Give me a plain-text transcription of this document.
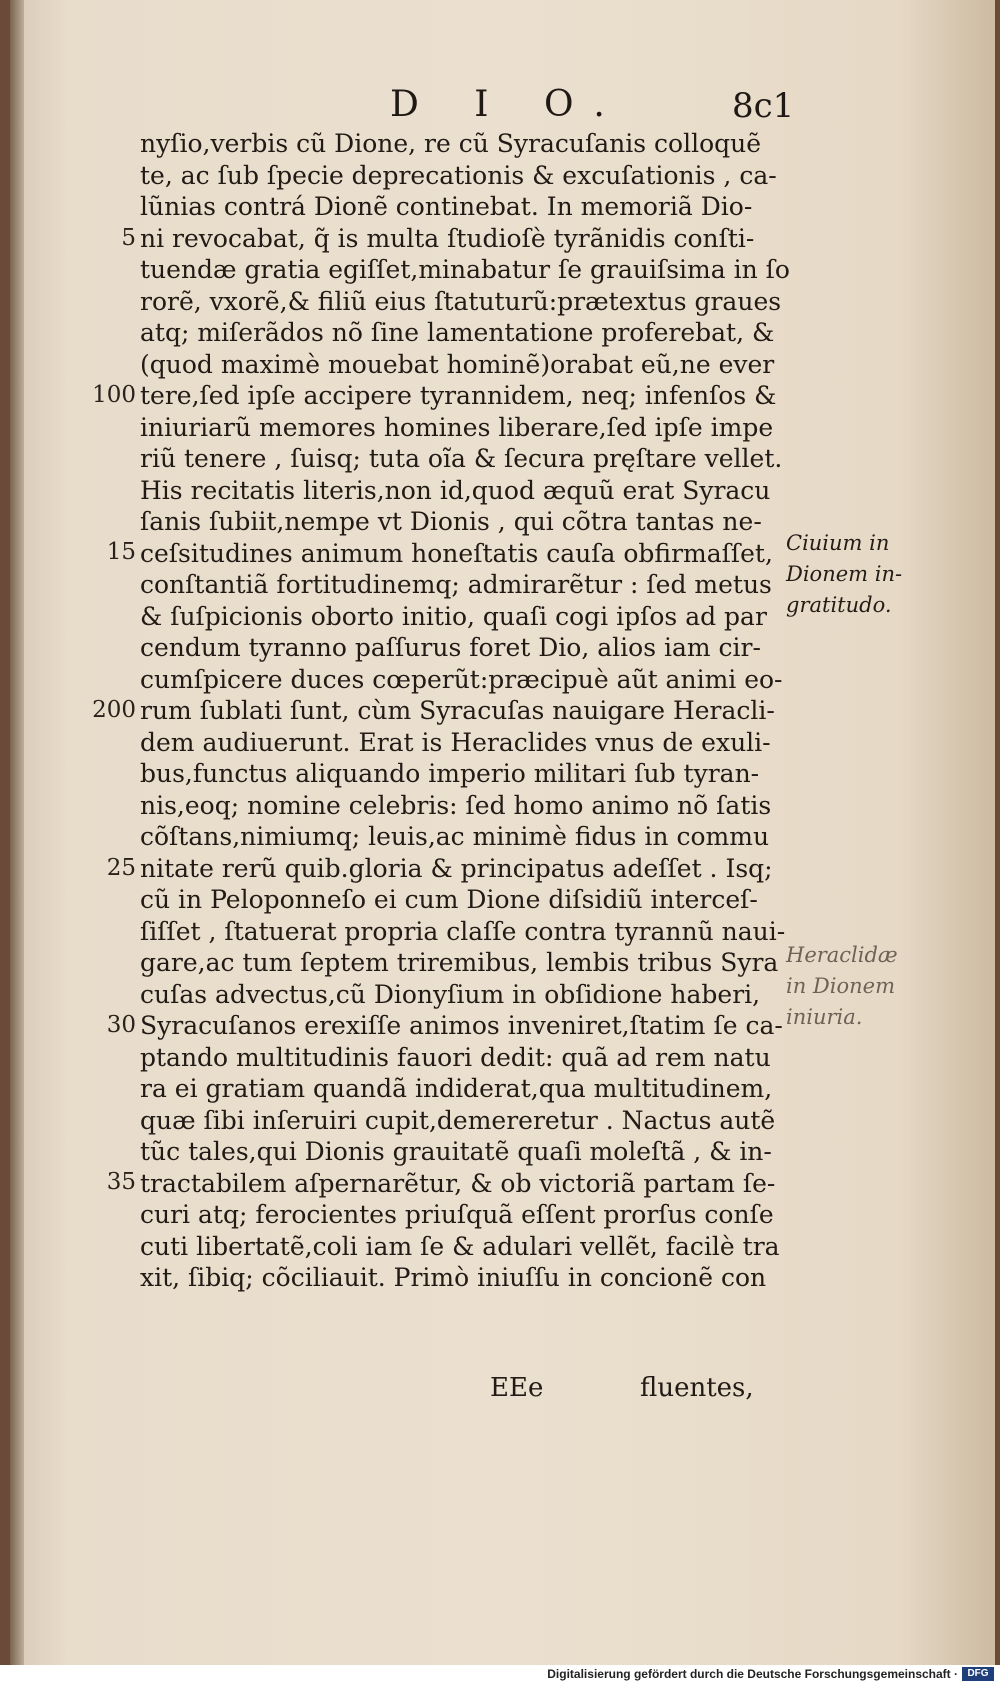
D I O.	8c1
nyſio,verbis cũ Dione, re cũ Syracuſanis colloquẽ
te, ac ſub ſpecie deprecationis & excuſationis , ca-
lũnias contrá Dionẽ continebat. In memoriã Dio-
ni revocabat, q̃ is multa ſtudioſè tyrãnidis conſti-
tuendæ gratia egiſſet,minabatur ſe grauiſsima in ſo
rorẽ, vxorẽ,& filiũ eius ſtatuturũ:prætextus graues
atq; miſerãdos nõ ſine lamentatione proferebat, &
(quod maximè mouebat hominẽ)orabat eũ,ne ever
tere,ſed ipſe accipere tyrannidem, neq; infenſos &
iniuriarũ memores homines liberare,ſed ipſe impe
riũ tenere , ſuisq; tuta oĩa & ſecura pręſtare vellet.
His recitatis literis,non id,quod æquũ erat Syracu
ſanis ſubiit,nempe vt Dionis , qui cõtra tantas ne-
ceſsitudines animum honeſtatis cauſa obfirmaſſet,
conſtantiã fortitudinemq; admirarẽtur : ſed metus
& ſuſpicionis oborto initio, quaſi cogi ipſos ad par
cendum tyranno paſſurus foret Dio, alios iam cir-
cumſpicere duces cœperũt:præcipuè aũt animi eo-
rum ſublati ſunt, cùm Syracuſas nauigare Heracli-
dem audiuerunt. Erat is Heraclides vnus de exuli-
bus,functus aliquando imperio militari ſub tyran-
nis,eoq; nomine celebris: ſed homo animo nõ ſatis
cõſtans,nimiumq; leuis,ac minimè fidus in commu
nitate rerũ quib.gloria & principatus adeſſet . Isq;
cũ in Peloponneſo ei cum Dione diſsidiũ interceſ-
ſiſſet , ſtatuerat propria claſſe contra tyrannũ naui-
gare,ac tum ſeptem triremibus, lembis tribus Syra
cuſas advectus,cũ Dionyſium in obſidione haberi,
Syracuſanos erexiſſe animos inveniret,ſtatim ſe ca-
ptando multitudinis fauori dedit: quã ad rem natu
ra ei gratiam quandã indiderat,qua multitudinem,
quæ ſibi inſeruiri cupit,demereretur . Nactus autẽ
tũc tales,qui Dionis grauitatẽ quaſi moleſtã , & in-
tractabilem aſpernarẽtur, & ob victoriã partam ſe-
curi atq; ferocientes priuſquã eſſent prorſus conſe
cuti libertatẽ,coli iam ſe & adulari vellẽt, facilè tra
xit, ſibiq; cõciliauit. Primò iniuſſu in concionẽ con
5
100
15
200
25
30
35
Ciuium in
Dionem in-
gratitudo.
Heraclidæ
in Dionem
iniuria.
EEe	fluentes,
Digitalisierung gefördert durch die Deutsche Forschungsgemeinschaft · DFG
